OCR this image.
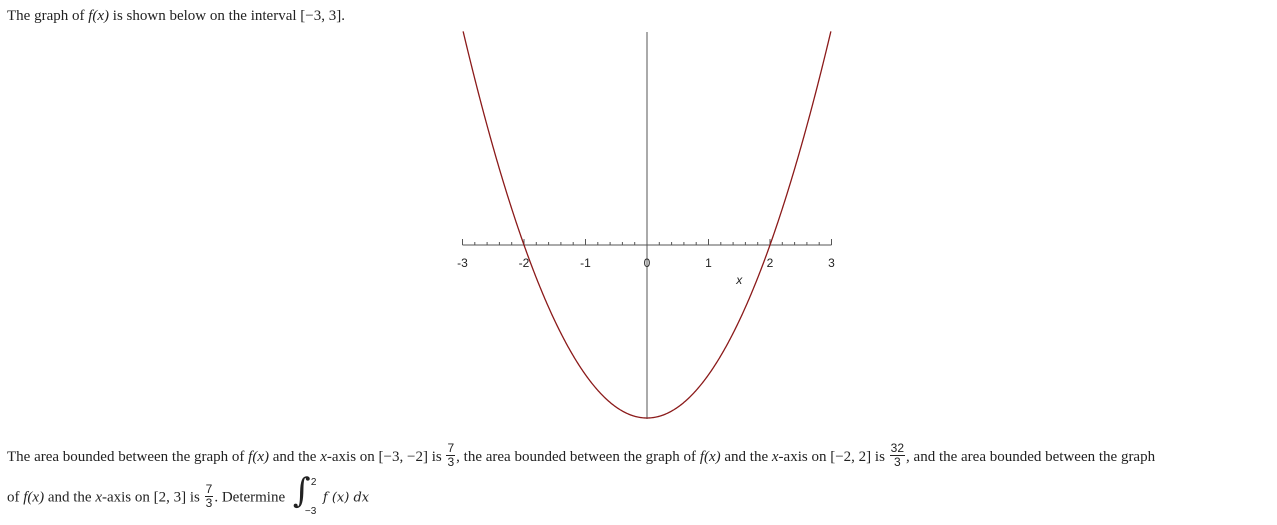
The graph of f(x) is shown below on the interval [−3, 3].
-3	-2	-1	0	1	2	3
x
The area bounded between the graph of f(x) and the x-axis on [−3, −2] is $\frac{7}{3}$ , the area bounded between the graph of f(x) and the x-axis on [−2, 2] is $\frac{32}{3}$ , and the area bounded between the graph
of f(x) and the x-axis on [2, 3] is $\frac{7}{3}$ . Determine ∫ 2
−3
f (x) dx
